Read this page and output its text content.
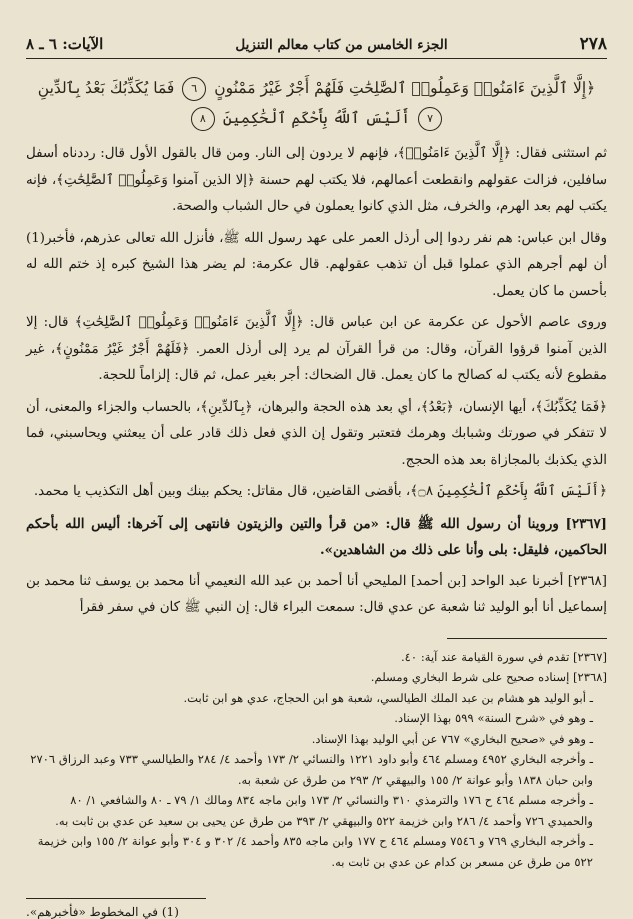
٢٧٨
الجزء الخامس من كتاب معالم التنزيل
الآيات: ٦ ـ ٨
﴿إِلَّا ٱلَّذِينَ ءَامَنُوا۟ وَعَمِلُوا۟ ٱلصَّٰلِحَٰتِ فَلَهُمْ أَجْرٌ غَيْرُ مَمْنُونٍ ٦ فَمَا يُكَذِّبُكَ بَعْدُ بِٱلدِّينِ ٧ أَلَيْسَ ٱللَّهُ بِأَحْكَمِ ٱلْحَٰكِمِينَ ٨

ثم استثنى فقال: ﴿إِلَّا ٱلَّذِينَ ءَامَنُوا۟﴾، فإنهم لا يردون إلى النار. ومن قال بالقول الأول قال: رددناه أسفل سافلين، فزالت عقولهم وانقطعت أعمالهم، فلا يكتب لهم حسنة ﴿إلا الذين آمنوا وَعَمِلُوا۟ ٱلصَّٰلِحَٰتِ﴾، فإنه يكتب لهم بعد الهرم، والخرف، مثل الذي كانوا يعملون في حال الشباب والصحة.

وقال ابن عباس: هم نفر ردوا إلى أرذل العمر على عهد رسول الله ﷺ، فأنزل الله تعالى عذرهم، فأخبر(1) أن لهم أجرهم الذي عملوا قبل أن تذهب عقولهم. قال عكرمة: لم يضر هذا الشيخ كبره إذ ختم الله له بأحسن ما كان يعمل.

وروى عاصم الأحول عن عكرمة عن ابن عباس قال: ﴿إِلَّا ٱلَّذِينَ ءَامَنُوا۟ وَعَمِلُوا۟ ٱلصَّٰلِحَٰتِ﴾ قال: إلا الذين آمنوا قرؤوا القرآن، وقال: من قرأ القرآن لم يرد إلى أرذل العمر. ﴿فَلَهُمْ أَجْرٌ غَيْرُ مَمْنُونٍ﴾، غير مقطوع لأنه يكتب له كصالح ما كان يعمل. قال الضحاك: أجر بغير عمل، ثم قال: إلزاماً للحجة.

﴿فَمَا يُكَذِّبُكَ﴾، أيها الإنسان، ﴿بَعْدُ﴾، أي بعد هذه الحجة والبرهان، ﴿بِٱلدِّينِ﴾، بالحساب والجزاء والمعنى، أن لا تتفكر في صورتك وشبابك وهرمك فتعتبر وتقول إن الذي فعل ذلك قادر على أن يبعثني ويحاسبني، فما الذي يكذبك بالمجازاة بعد هذه الحجج.

﴿أَلَيْسَ ٱللَّهُ بِأَحْكَمِ ٱلْحَٰكِمِينَ ۝٨﴾، بأقضى القاضين، قال مقاتل: يحكم بينك وبين أهل التكذيب يا محمد.

[٢٣٦٧] وروينا أن رسول الله ﷺ قال: «من قرأ والتين والزيتون فانتهى إلى آخرها: أليس الله بأحكم الحاكمين، فليقل: بلى وأنا على ذلك من الشاهدين».

[٢٣٦٨] أخبرنا عبد الواحد [بن أحمد] المليحي أنا أحمد بن عبد الله النعيمي أنا محمد بن يوسف ثنا محمد بن إسماعيل أنا أبو الوليد ثنا شعبة عن عدي قال: سمعت البراء قال: إن النبي ﷺ كان في سفر فقرأ

[٢٣٦٧] تقدم في سورة القيامة عند آية: ٤٠.

[٢٣٦٨] إسناده صحيح على شرط البخاري ومسلم.

ـ أبو الوليد هو هشام بن عبد الملك الطيالسي، شعبة هو ابن الحجاج، عدي هو ابن ثابت.

ـ وهو في «شرح السنة» ٥٩٩ بهذا الإسناد.

ـ وهو في «صحيح البخاري» ٧٦٧ عن أبي الوليد بهذا الإسناد.

ـ وأخرجه البخاري ٤٩٥٢ ومسلم ٤٦٤ وأبو داود ١٢٢١ والنسائي ٢/ ١٧٣ وأحمد ٤/ ٢٨٤ والطيالسي ٧٣٣ وعبد الرزاق ٢٧٠٦ وابن حبان ١٨٣٨ وأبو عوانة ٢/ ١٥٥ والبيهقي ٢/ ٢٩٣ من طرق عن شعبة به.

ـ وأخرجه مسلم ٤٦٤ ح ١٧٦ والترمذي ٣١٠ والنسائي ٢/ ١٧٣ وابن ماجه ٨٣٤ ومالك ١/ ٧٩ ـ ٨٠ والشافعي ١/ ٨٠ والحميدي ٧٢٦ وأحمد ٤/ ٢٨٦ وابن خزيمة ٥٢٢ والبيهقي ٢/ ٣٩٣ من طرق عن يحيى بن سعيد عن عدي بن ثابت به.

ـ وأخرجه البخاري ٧٦٩ و ٧٥٤٦ ومسلم ٤٦٤ ح ١٧٧ وابن ماجه ٨٣٥ وأحمد ٤/ ٣٠٢ و ٣٠٤ وأبو عوانة ٢/ ١٥٥ وابن خزيمة ٥٢٢ من طرق عن مسعر بن كدام عن عدي بن ثابت به.

(1) في المخطوط «فأخبرهم».
